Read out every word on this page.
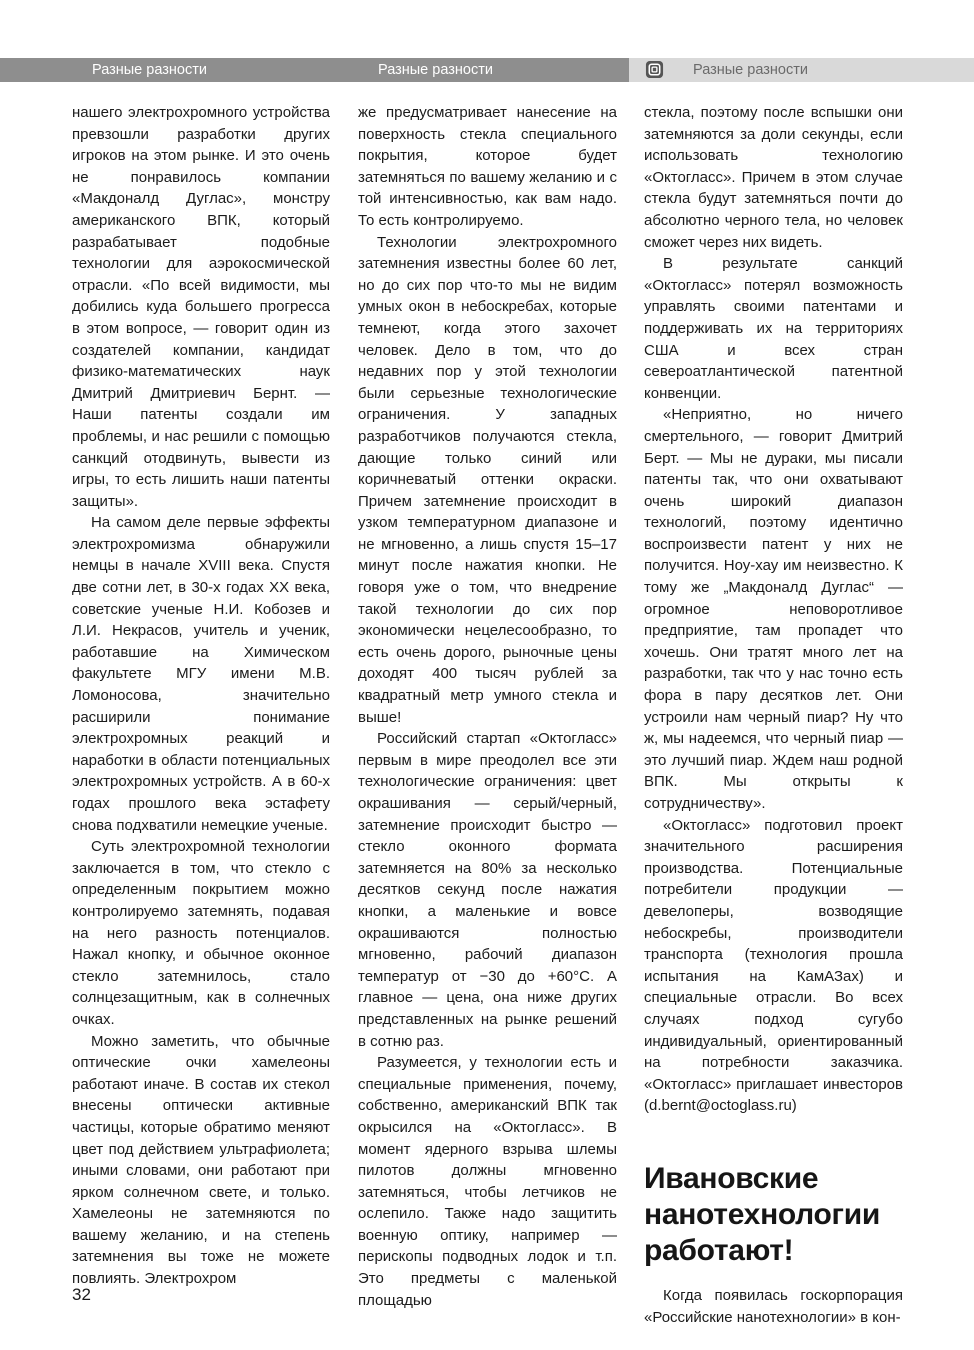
Разные разности	Разные разности	Разные разности

нашего электрохромного устройства превзошли разработки других игроков на этом рынке. И это очень не понравилось компании «Макдоналд Дуглас», монстру американского ВПК, который разрабатывает подобные технологии для аэрокосмической отрасли. «По всей видимости, мы добились куда большего прогресса в этом вопросе, — говорит один из создателей компании, кандидат физико-математических наук Дмитрий Дмитриевич Бернт. — Наши патенты создали им проблемы, и нас решили с помощью санкций отодвинуть, вывести из игры, то есть лишить наши патенты защиты».

На самом деле первые эффекты электрохромизма обнаружили немцы в начале XVIII века. Спустя две сотни лет, в 30-х годах XX века, советские ученые Н.И. Кобозев и Л.И. Некрасов, учитель и ученик, работавшие на Химическом факультете МГУ имени М.В. Ломоносова, значительно расширили понимание электрохромных реакций и наработки в области потенциальных электрохромных устройств. А в 60-х годах прошлого века эстафету снова подхватили немецкие ученые.

Суть электрохромной технологии заключается в том, что стекло с определенным покрытием можно контролируемо затемнять, подавая на него разность потенциалов. Нажал кнопку, и обычное оконное стекло затемнилось, стало солнцезащитным, как в солнечных очках.

Можно заметить, что обычные оптические очки хамелеоны работают иначе. В состав их стекол внесены оптически активные частицы, которые обратимо меняют цвет под действием ультрафиолета; иными словами, они работают при ярком солнечном свете, и только. Хамелеоны не затемняются по вашему желанию, и на степень затемнения вы тоже не можете повлиять. Электрохром

же предусматривает нанесение на поверхность стекла специального покрытия, которое будет затемняться по вашему желанию и с той интенсивностью, как вам надо. То есть контролируемо.

Технологии электрохромного затемнения известны более 60 лет, но до сих пор что-то мы не видим умных окон в небоскребах, которые темнеют, когда этого захочет человек. Дело в том, что до недавних пор у этой технологии были серьезные технологические ограничения. У западных разработчиков получаются стекла, дающие только синий или коричневатый оттенки окраски. Причем затемнение происходит в узком температурном диапазоне и не мгновенно, а лишь спустя 15–17 минут после нажатия кнопки. Не говоря уже о том, что внедрение такой технологии до сих пор экономически нецелесообразно, то есть очень дорого, рыночные цены доходят 400 тысяч рублей за квадратный метр умного стекла и выше!

Российский стартап «Октогласс» первым в мире преодолел все эти технологические ограничения: цвет окрашивания — серый/черный, затемнение происходит быстро — стекло оконного формата затемняется на 80% за несколько десятков секунд после нажатия кнопки, а маленькие и вовсе окрашиваются полностью мгновенно, рабочий диапазон температур от −30 до +60°С. А главное — цена, она ниже других представленных на рынке решений в сотню раз.

Разумеется, у технологии есть и специальные применения, почему, собственно, американский ВПК так окрысился на «Октогласс». В момент ядерного взрыва шлемы пилотов должны мгновенно затемняться, чтобы летчиков не ослепило. Также надо защитить военную оптику, например — перископы подводных лодок и т.п. Это предметы с маленькой площадью

стекла, поэтому после вспышки они затемняются за доли секунды, если использовать технологию «Октогласс». Причем в этом случае стекла будут затемняться почти до абсолютно черного тела, но человек сможет через них видеть.

В результате санкций «Октогласс» потерял возможность управлять своими патентами и поддерживать их на территориях США и всех стран североатлантической патентной конвенции.

«Неприятно, но ничего смертельного, — говорит Дмитрий Берт. — Мы не дураки, мы писали патенты так, что они охватывают очень широкий диапазон технологий, поэтому идентично воспроизвести патент у них не получится. Ноу-хау им неизвестно. К тому же „Макдоналд Дуглас“ — огромное неповоротливое предприятие, там пропадет что хочешь. Они тратят много лет на разработки, так что у нас точно есть фора в пару десятков лет. Они устроили нам черный пиар? Ну что ж, мы надеемся, что черный пиар — это лучший пиар. Ждем наш родной ВПК. Мы открыты к сотрудничеству».

«Октогласс» подготовил проект значительного расширения производства. Потенциальные потребители продукции — девелоперы, возводящие небоскребы, производители транспорта (технология прошла испытания на КамАЗах) и специальные отрасли. Во всех случаях подход сугубо индивидуальный, ориентированный на потребности заказчика. «Октогласс» приглашает инвесторов (d.bernt@octoglass.ru)

Ивановские нанотехнологии работают!

Когда появилась госкорпорация «Российские нанотехнологии» в кон-

32
